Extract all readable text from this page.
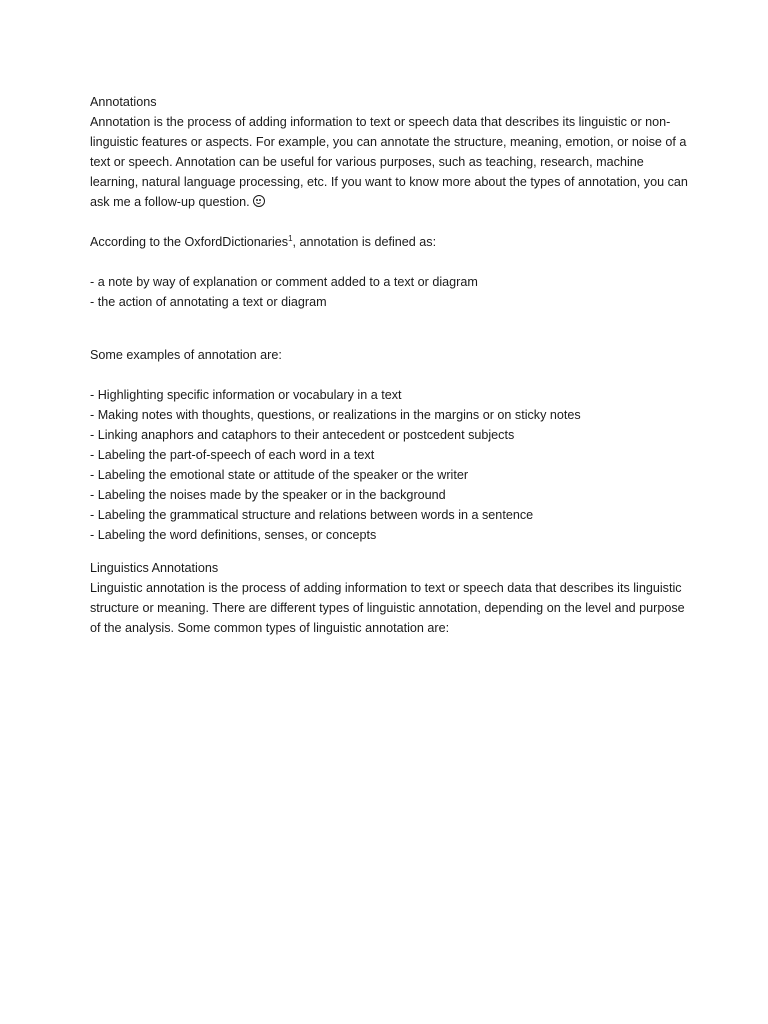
Annotations

Annotation is the process of adding information to text or speech data that describes its linguistic or non-linguistic features or aspects. For example, you can annotate the structure, meaning, emotion, or noise of a text or speech. Annotation can be useful for various purposes, such as teaching, research, machine learning, natural language processing, etc. If you want to know more about the types of annotation, you can ask me a follow-up question.

According to the OxfordDictionaries$^1$, annotation is defined as:

- a note by way of explanation or comment added to a text or diagram

- the action of annotating a text or diagram

Some examples of annotation are:

- Highlighting specific information or vocabulary in a text

- Making notes with thoughts, questions, or realizations in the margins or on sticky notes

- Linking anaphors and cataphors to their antecedent or postcedent subjects

- Labeling the part-of-speech of each word in a text

- Labeling the emotional state or attitude of the speaker or the writer

- Labeling the noises made by the speaker or in the background

- Labeling the grammatical structure and relations between words in a sentence

- Labeling the word definitions, senses, or concepts

Linguistics Annotations

Linguistic annotation is the process of adding information to text or speech data that describes its linguistic structure or meaning. There are different types of linguistic annotation, depending on the level and purpose of the analysis. Some common types of linguistic annotation are:
